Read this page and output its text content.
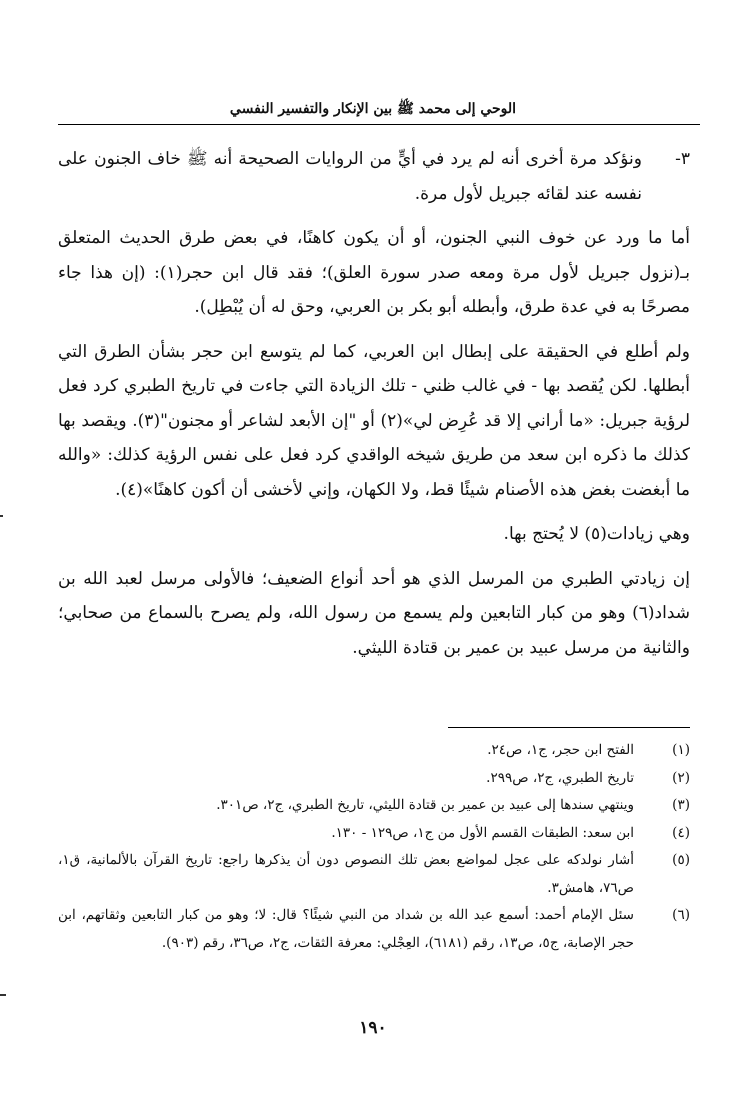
الوحي إلى محمد ﷺ بين الإنكار والتفسير النفسي
٣-
ونؤكد مرة أخرى أنه لم يرد في أيٍّ من الروايات الصحيحة أنه ﷺ خاف الجنون على نفسه عند لقائه جبريل لأول مرة.

أما ما ورد عن خوف النبي الجنون، أو أن يكون كاهنًا، في بعض طرق الحديث المتعلق بـ(نزول جبريل لأول مرة ومعه صدر سورة العلق)؛ فقد قال ابن حجر(١): (إن هذا جاء مصرحًا به في عدة طرق، وأبطله أبو بكر بن العربي، وحق له أن يُبْطِل).

ولم أطلع في الحقيقة على إبطال ابن العربي، كما لم يتوسع ابن حجر بشأن الطرق التي أبطلها. لكن يُقصد بها - في غالب ظني - تلك الزيادة التي جاءت في تاريخ الطبري كرد فعل لرؤية جبريل: «ما أراني إلا قد عُرِض لي»(٢) أو "إن الأبعد لشاعر أو مجنون"(٣). ويقصد بها كذلك ما ذكره ابن سعد من طريق شيخه الواقدي كرد فعل على نفس الرؤية كذلك: «والله ما أبغضت بغض هذه الأصنام شيئًا قط، ولا الكهان، وإني لأخشى أن أكون كاهنًا»(٤).

وهي زيادات(٥) لا يُحتج بها.

إن زيادتي الطبري من المرسل الذي هو أحد أنواع الضعيف؛ فالأولى مرسل لعبد الله بن شداد(٦) وهو من كبار التابعين ولم يسمع من رسول الله، ولم يصرح بالسماع من صحابي؛ والثانية من مرسل عبيد بن عمير بن قتادة الليثي.

(١)
الفتح ابن حجر، ج١، ص٢٤.
(٢)
تاريخ الطبري، ج٢، ص٢٩٩.
(٣)
وينتهي سندها إلى عبيد بن عمير بن قتادة الليثي، تاريخ الطبري، ج٢، ص٣٠١.
(٤)
ابن سعد: الطبقات القسم الأول من ج١، ص١٢٩ - ١٣٠.
(٥)
أشار نولدكه على عجل لمواضع بعض تلك النصوص دون أن يذكرها راجع: تاريخ القرآن بالألمانية، ق١، ص٧٦، هامش٣.
(٦)
سئل الإمام أحمد: أسمع عبد الله بن شداد من النبي شيئًا؟ قال: لا؛ وهو من كبار التابعين وثقاتهم، ابن حجر الإصابة، ج٥، ص١٣، رقم (٦١٨١)، العِجْلي: معرفة الثقات، ج٢، ص٣٦، رقم (٩٠٣).
١٩٠
